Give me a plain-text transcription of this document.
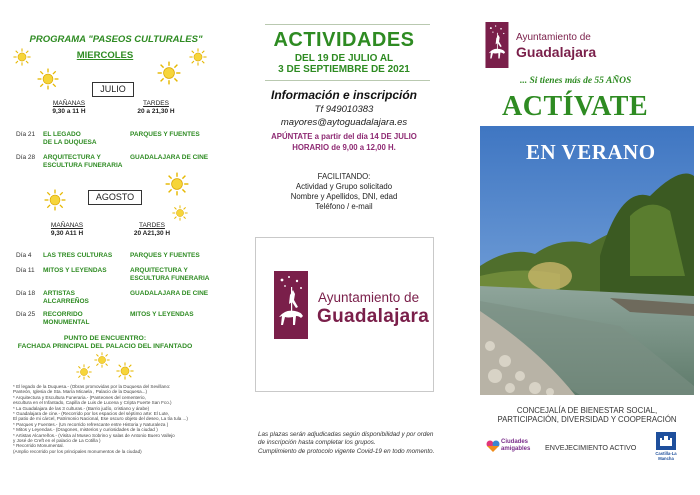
PROGRAMA "PASEOS CULTURALES"
MIERCOLES
JULIO
MAÑANAS
9,30 a 11 H
TARDES
20 a 21,30 H
Día 21 EL LEGADO
DE LA DUQUESA
PARQUES Y FUENTES
Día 28 ARQUITECTURA Y
ESCULTURA FUNERARIA
GUADALAJARA DE CINE
AGOSTO
MAÑANAS
9,30 A11 H
TARDES
20 A21,30 H
Día 4 LAS TRES CULTURAS	PARQUES Y FUENTES
Día 11 MITOS Y LEYENDAS	ARQUITECTURA Y
ESCULTURA FUNERARIA
Día 18 ARTISTAS
ALCARREÑOS
GUADALAJARA DE CINE
Día 25 RECORRIDO
MONUMENTAL
MITOS Y LEYENDAS
PUNTO DE ENCUENTRO:
FACHADA PRINCIPAL DEL PALACIO DEL INFANTADO
* El legado de la Duquesa.- (Obras promovidas por la Duquesa del Sevillano:
Panteón, Iglesia de Sta. María Micaela , Palacio de la Duquesa...)
* Arquitectura y Escultura Funeraria.- (Panteones del cementerio,
escultura en el Infantado, Capilla de Luis de Lucena y Cripta Fuerte San Fco.)
* La Guadalajara de las 3 culturas.- (Barrio judío, cristiano y árabe)
* Guadalajara de cine.- (Recorrido por los espacios del séptimo arte: El Lute,
El patio de mi cárcel, Patrimonio Nacional, Ese oscuro objeto del deseo, La tía tula ...)
* Parques y Fuentes.- (Un recorrido refrescante entre Historia y Naturaleza )
* Mitos y Leyendas.- (Dragones, misterios y curiosidades de la ciudad )
* Artistas Alcarreños.- (Visita al Museo Sobrino y salas de Antonio Buero Vallejo
y José de Creft en el palacio de La Cotilla )
* Recorrido Monumental.
(Amplio recorrido por los principales monumentos de la ciudad)
ACTIVIDADES
DEL 19 DE JULIO AL
3 DE SEPTIEMBRE DE 2021
Información e inscripción
Tf 949010383
mayores@aytoguadalajara.es
APÚNTATE a partir del día 14 DE JULIO
HORARIO de 9,00 a 12,00 H.
FACILITANDO:
Actividad y Grupo solicitado
Nombre y Apellidos, DNI, edad
Teléfono / e-mail
Ayuntamiento de
Guadalajara
Las plazas serán adjudicadas según disponibilidad y por orden
de inscripción hasta completar los grupos.
Cumplimiento de protocolo vigente Covid-19 en todo momento.
Ayuntamiento de
Guadalajara
... Si tienes más de 55 AÑOS
ACTÍVATE
EN VERANO
CONCEJALÍA DE BIENESTAR SOCIAL,
PARTICIPACIÓN, DIVERSIDAD Y COOPERACIÓN
Ciudades
amigables ENVEJECIMIENTO ACTIVO
Castilla-La Mancha
